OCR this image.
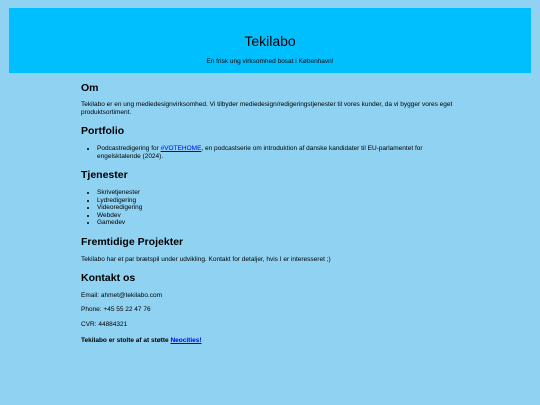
Tekilabo

En frisk ung virksomhed bosat i København!

Om

Tekilabo er en ung mediedesignvirksomhed. Vi tilbyder mediedesign/redigeringstjenester til vores kunder, da vi bygger vores eget produktsortiment.

Portfolio
• Podcastredigering for #VOTEHOME, en podcastserie om introduktion af danske kandidater til EU-parlamentet for engelsktalende (2024).
Tjenester
• Skrivetjenester
• Lydredigering
• Videoredigering
• Webdev
• Gamedev
Fremtidige Projekter

Tekilabo har et par brætspil under udvikling. Kontakt for detaljer, hvis I er interesseret ;)

Kontakt os

Email: ahmet@tekilabo.com

Phone: +45 55 22 47 76

CVR: 44884321

Tekilabo er stolte af at støtte Neocities!
